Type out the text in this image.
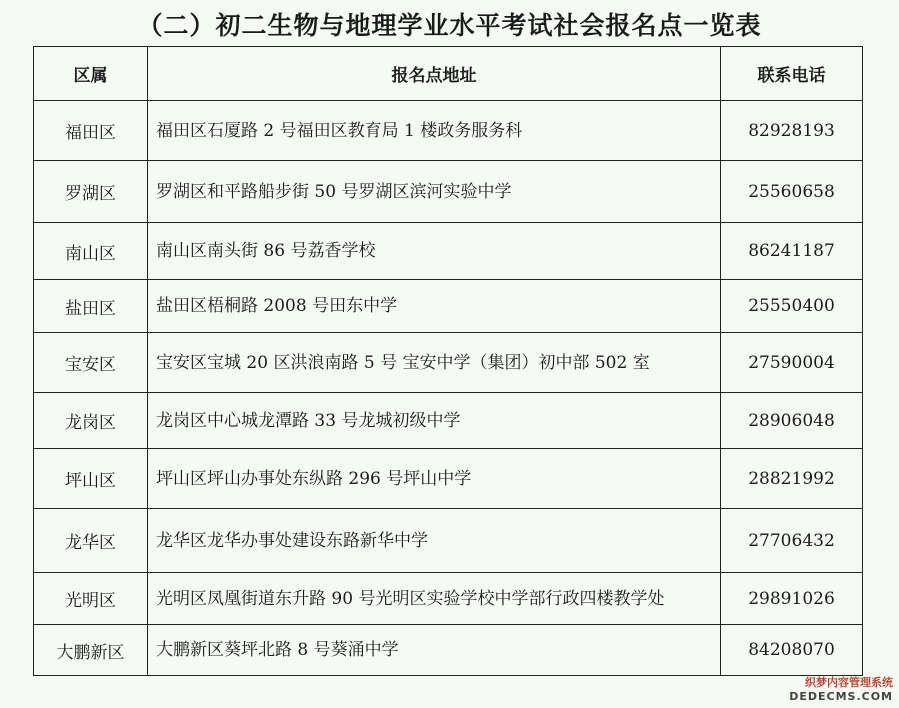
（二）初二生物与地理学业水平考试社会报名点一览表
区属	报名点地址	联系电话
福田区	福田区石厦路 2 号福田区教育局 1 楼政务服务科	82928193
罗湖区	罗湖区和平路船步街 50 号罗湖区滨河实验中学	25560658
南山区	南山区南头街 86 号荔香学校	86241187
盐田区	盐田区梧桐路 2008 号田东中学	25550400
宝安区	宝安区宝城 20 区洪浪南路 5 号 宝安中学（集团）初中部 502 室	27590004
龙岗区	龙岗区中心城龙潭路 33 号龙城初级中学	28906048
坪山区	坪山区坪山办事处东纵路 296 号坪山中学	28821992
龙华区	龙华区龙华办事处建设东路新华中学	27706432
光明区	光明区凤凰街道东升路 90 号光明区实验学校中学部行政四楼教学处	29891026
大鹏新区	大鹏新区葵坪北路 8 号葵涌中学	84208070
织梦内容管理系统
DEDECMS.COM
